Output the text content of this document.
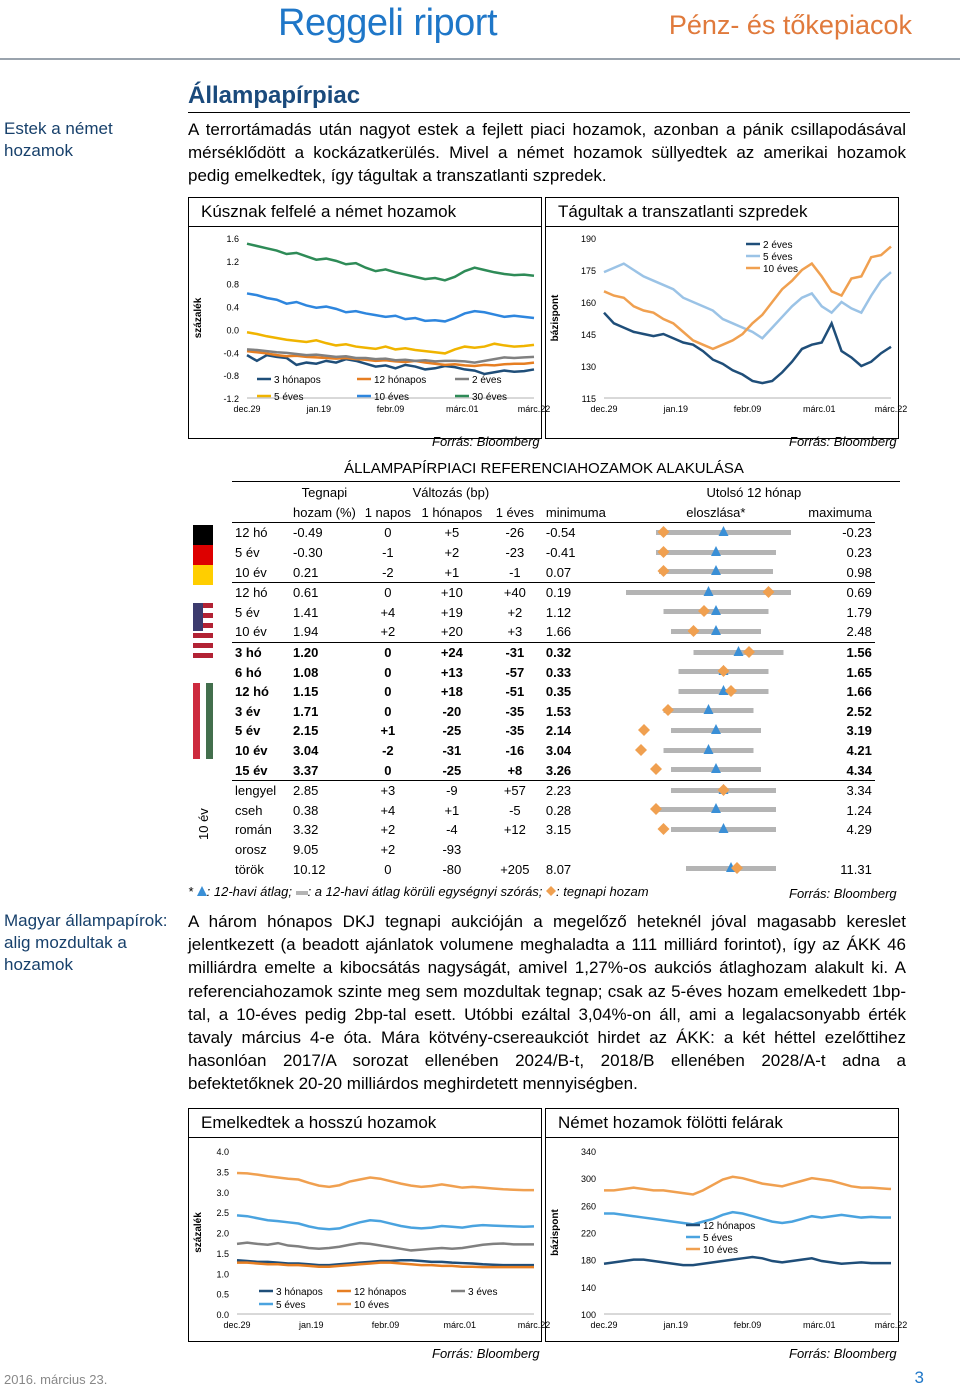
Reggeli riport	Pénz- és tőkepiacok
Állampapírpiac
Estek a német hozamok
Magyar állampapírok: alig mozdultak a hozamok
A terrortámadás után nagyot estek a fejlett piaci hozamok, azonban a pánik csillapodásával mérséklődött a kockázatkerülés. Mivel a német hozamok süllyedtek az amerikai hozamok pedig emelkedtek, így tágultak a transzatlanti szpredek.
Kúsznak felfelé a német hozamok
1.6
1.2
0.8
0.4
0.0
-0.4
-0.8
-1.2
százalék
dec.29	jan.19	febr.09	márc.01	márc.22
3 hónapos	12 hónapos	2 éves
5 éves	10 éves	30 éves
Forrás: Bloomberg
Tágultak a transzatlanti szpredek
190
175
160
145
130
115
bázispont
dec.29	jan.19	febr.09	márc.01	márc.22
2 éves
5 éves
10 éves
Forrás: Bloomberg
ÁLLAMPAPÍRPIACI REFERENCIAHOZAMOK ALAKULÁSA
10 év
	Tegnapi	Változás (bp)				Utolsó 12 hónap	
	hozam (%)	1 napos	1 hónapos	1 éves	minimuma	eloszlása*	maximuma
12 hó	-0.49	0	+5	-26	-0.54		-0.23
5 év	-0.30	-1	+2	-23	-0.41		0.23
10 év	0.21	-2	+1	-1	0.07		0.98
12 hó	0.61	0	+10	+40	0.19		0.69
5 év	1.41	+4	+19	+2	1.12		1.79
10 év	1.94	+2	+20	+3	1.66		2.48
3 hó	1.20	0	+24	-31	0.32		1.56
6 hó	1.08	0	+13	-57	0.33		1.65
12 hó	1.15	0	+18	-51	0.35		1.66
3 év	1.71	0	-20	-35	1.53		2.52
5 év	2.15	+1	-25	-35	2.14		3.19
10 év	3.04	-2	-31	-16	3.04		4.21
15 év	3.37	0	-25	+8	3.26		4.34
lengyel	2.85	+3	-9	+57	2.23		3.34
cseh	0.38	+4	+1	-5	0.28		1.24
román	3.32	+2	-4	+12	3.15		4.29
orosz	9.05	+2	-93				
török	10.12	0	-80	+205	8.07		11.31
* : 12-havi átlag; : a 12-havi átlag körüli egységnyi szórás; : tegnapi hozam	Forrás: Bloomberg
A három hónapos DKJ tegnapi aukcióján a megelőző heteknél jóval magasabb kereslet jelentkezett (a beadott ajánlatok volumene meghaladta a 111 milliárd forintot), így az ÁKK 46 milliárdra emelte a kibocsátás nagyságát, amivel 1,27%-os aukciós átlaghozam alakult ki. A referenciahozamok szinte meg sem mozdultak tegnap; csak az 5-éves hozam emelkedett 1bp-tal, a 10-éves pedig 2bp-tal esett. Utóbbi ezáltal 3,04%-on áll, ami a legalacsonyabb érték tavaly március 4-e óta. Mára kötvény-csereaukciót hirdet az ÁKK: a két héttel ezelőttihez hasonlóan 2017/A sorozat ellenében 2024/B-t, 2018/B ellenében 2028/A-t adna a befektetőknek 20-20 milliárdos meghirdetett mennyiségben.
Emelkedtek a hosszú hozamok
4.0
3.5
3.0
2.5
2.0
1.5
1.0
0.5
0.0
százalék
dec.29	jan.19	febr.09	márc.01	márc.22
3 hónapos	12 hónapos	3 éves
5 éves	10 éves
Forrás: Bloomberg
Német hozamok fölötti felárak
340
300
260
220
180
140
100
bázispont
dec.29	jan.19	febr.09	márc.01	márc.22
12 hónapos
5 éves
10 éves
Forrás: Bloomberg
2016. március 23.	3
